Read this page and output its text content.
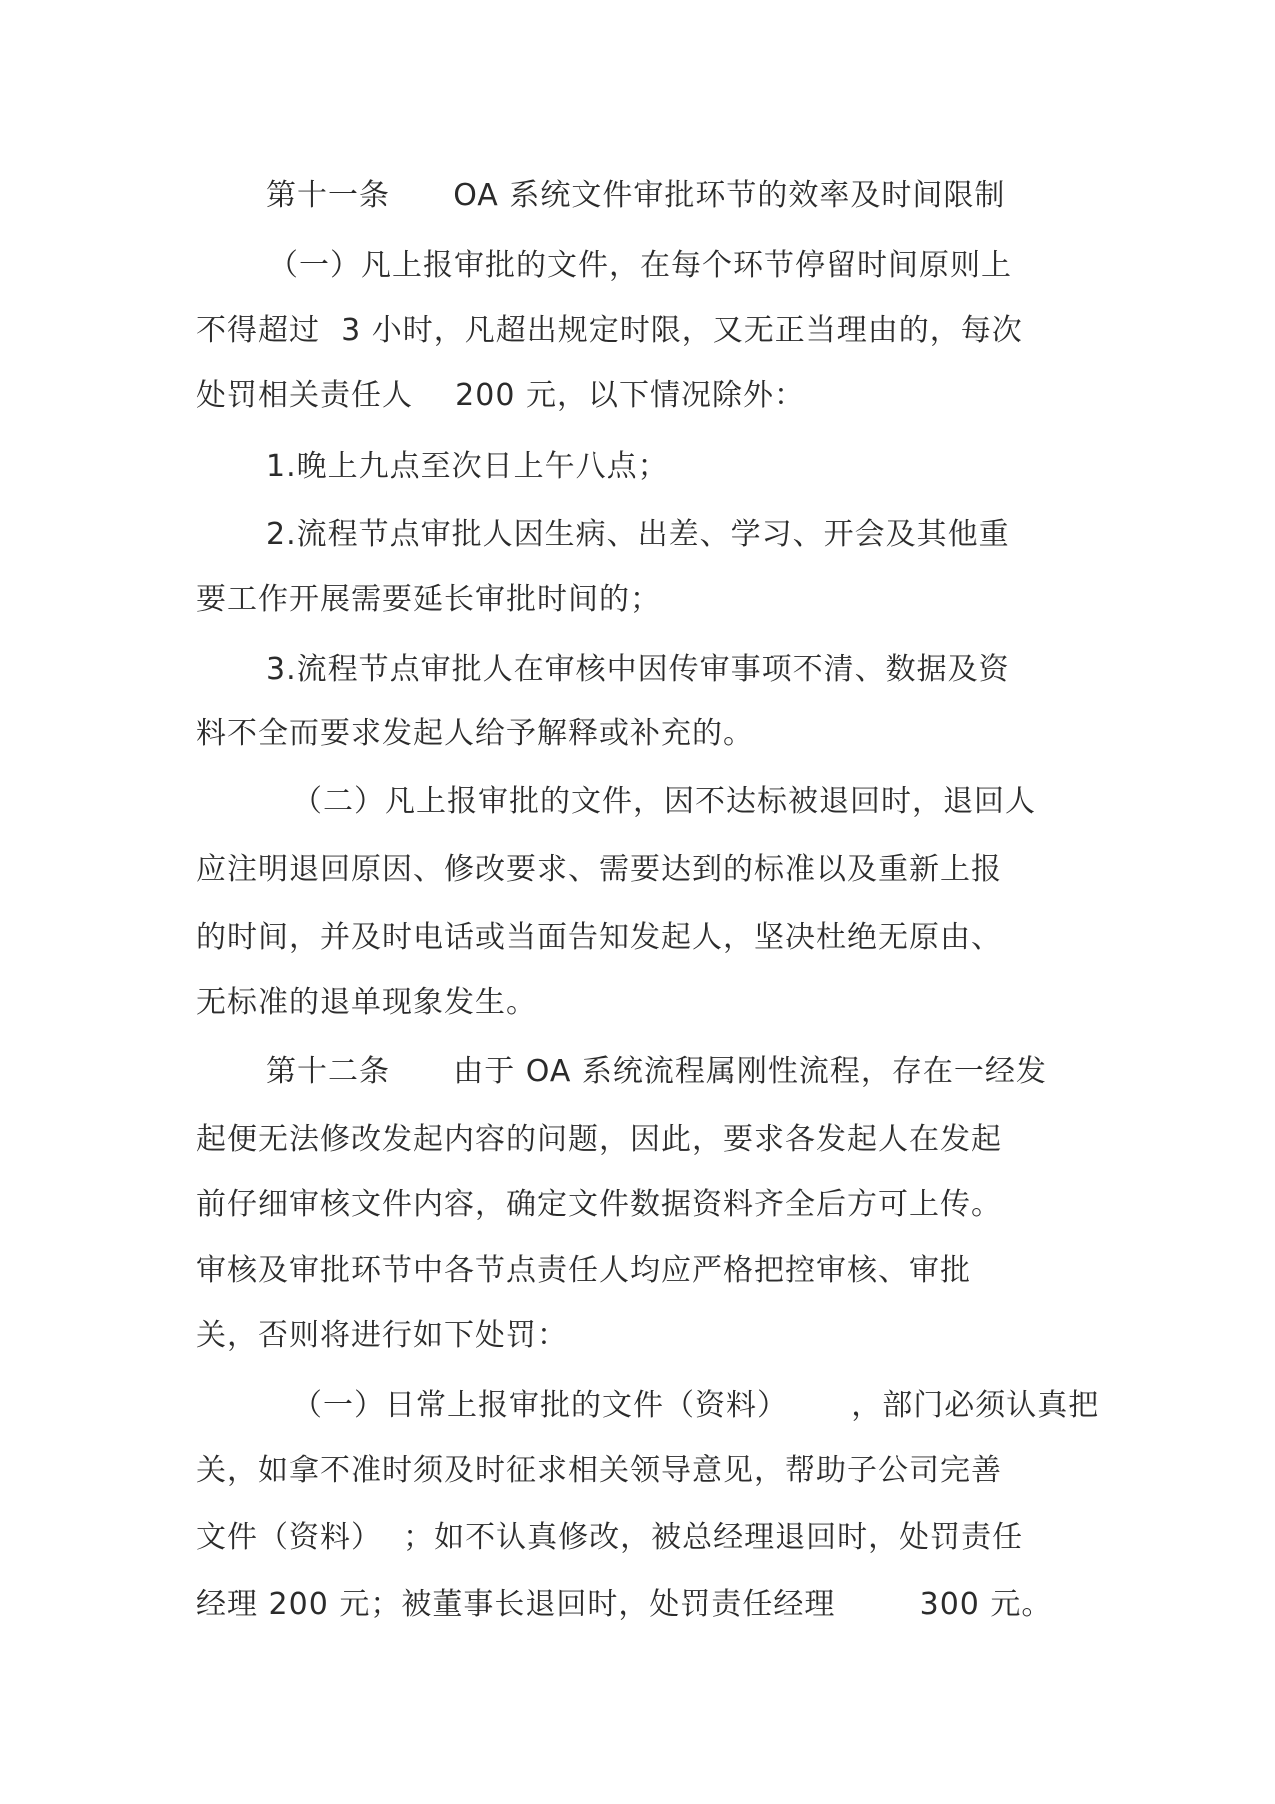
第十一条      OA 系统文件审批环节的效率及时间限制
（一）凡上报审批的文件，在每个环节停留时间原则上
不得超过  3 小时，凡超出规定时限，又无正当理由的，每次
处罚相关责任人    200 元，以下情况除外：
1.晚上九点至次日上午八点；
2.流程节点审批人因生病、出差、学习、开会及其他重
要工作开展需要延长审批时间的；
3.流程节点审批人在审核中因传审事项不清、数据及资
料不全而要求发起人给予解释或补充的。
（二）凡上报审批的文件，因不达标被退回时，退回人
应注明退回原因、修改要求、需要达到的标准以及重新上报
的时间，并及时电话或当面告知发起人，坚决杜绝无原由、
无标准的退单现象发生。
第十二条      由于 OA 系统流程属刚性流程，存在一经发
起便无法修改发起内容的问题，因此，要求各发起人在发起
前仔细审核文件内容，确定文件数据资料齐全后方可上传。
审核及审批环节中各节点责任人均应严格把控审核、审批
关，否则将进行如下处罚：
（一）日常上报审批的文件（资料）      ，部门必须认真把
关，如拿不准时须及时征求相关领导意见，帮助子公司完善
文件（资料）  ；如不认真修改，被总经理退回时，处罚责任
经理 200 元；被董事长退回时，处罚责任经理        300 元。
